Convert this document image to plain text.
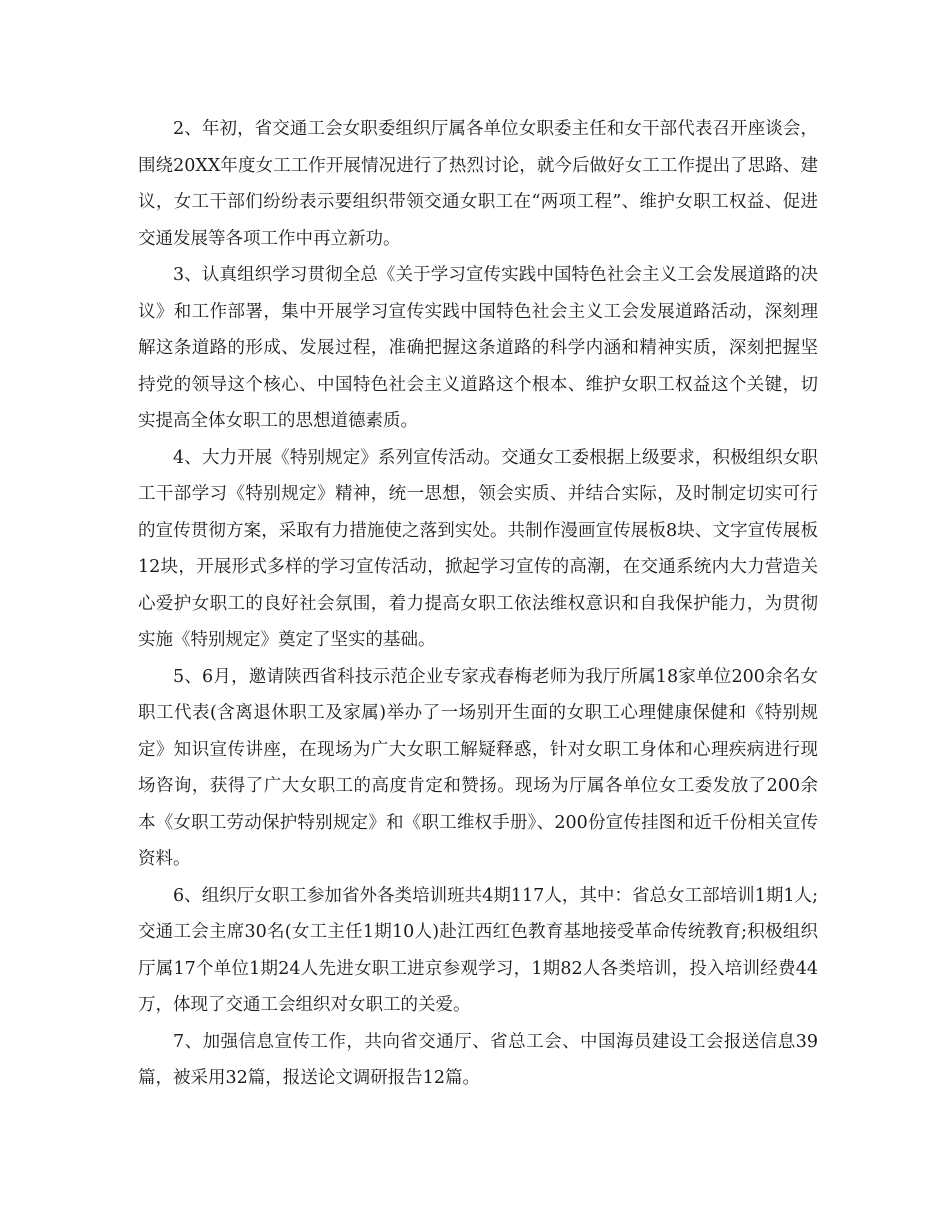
2、年初，省交通工会女职委组织厅属各单位女职委主任和女干部代表召开座谈会，围绕20XX年度女工工作开展情况进行了热烈讨论，就今后做好女工工作提出了思路、建议，女工干部们纷纷表示要组织带领交通女职工在“两项工程”、维护女职工权益、促进交通发展等各项工作中再立新功。

3、认真组织学习贯彻全总《关于学习宣传实践中国特色社会主义工会发展道路的决议》和工作部署，集中开展学习宣传实践中国特色社会主义工会发展道路活动，深刻理解这条道路的形成、发展过程，准确把握这条道路的科学内涵和精神实质，深刻把握坚持党的领导这个核心、中国特色社会主义道路这个根本、维护女职工权益这个关键，切实提高全体女职工的思想道德素质。

4、大力开展《特别规定》系列宣传活动。交通女工委根据上级要求，积极组织女职工干部学习《特别规定》精神，统一思想，领会实质、并结合实际，及时制定切实可行的宣传贯彻方案，采取有力措施使之落到实处。共制作漫画宣传展板8块、文字宣传展板12块，开展形式多样的学习宣传活动，掀起学习宣传的高潮，在交通系统内大力营造关心爱护女职工的良好社会氛围，着力提高女职工依法维权意识和自我保护能力，为贯彻实施《特别规定》奠定了坚实的基础。

5、6月，邀请陕西省科技示范企业专家戎春梅老师为我厅所属18家单位200余名女职工代表(含离退休职工及家属)举办了一场别开生面的女职工心理健康保健和《特别规定》知识宣传讲座，在现场为广大女职工解疑释惑，针对女职工身体和心理疾病进行现场咨询，获得了广大女职工的高度肯定和赞扬。现场为厅属各单位女工委发放了200余本《女职工劳动保护特别规定》和《职工维权手册》、200份宣传挂图和近千份相关宣传资料。

6、组织厅女职工参加省外各类培训班共4期117人，其中：省总女工部培训1期1人;交通工会主席30名(女工主任1期10人)赴江西红色教育基地接受革命传统教育;积极组织厅属17个单位1期24人先进女职工进京参观学习，1期82人各类培训，投入培训经费44万，体现了交通工会组织对女职工的关爱。

7、加强信息宣传工作，共向省交通厅、省总工会、中国海员建设工会报送信息39篇，被采用32篇，报送论文调研报告12篇。
